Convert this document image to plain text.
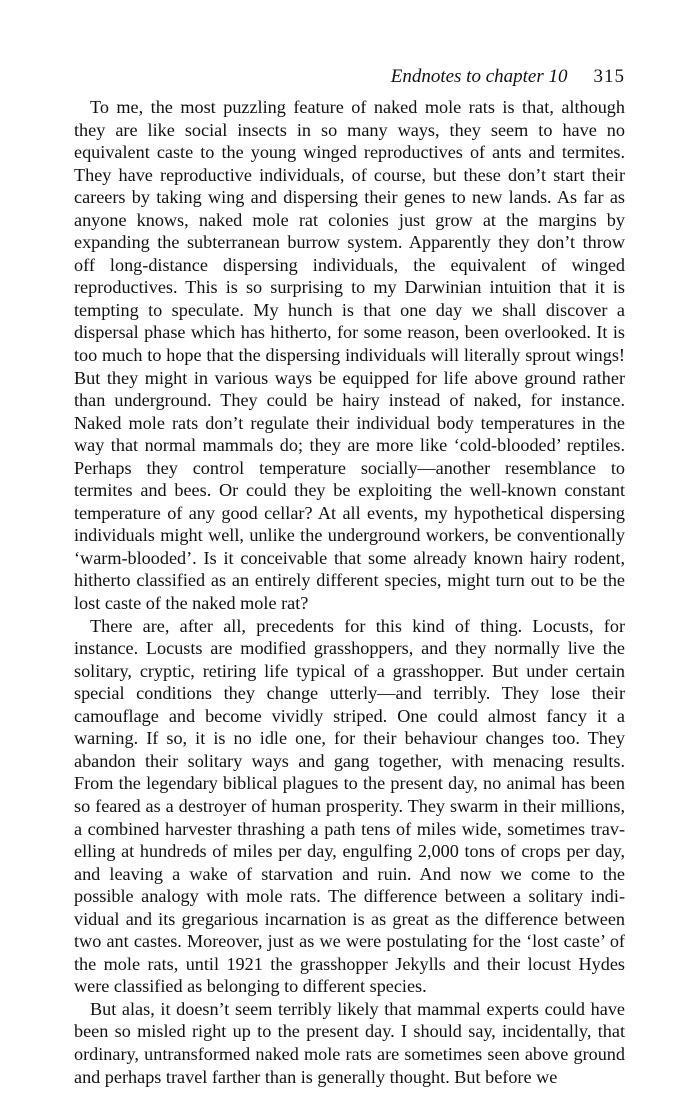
Endnotes to chapter 10 315

To me, the most puzzling feature of naked mole rats is that, although they are like social insects in so many ways, they seem to have no equivalent caste to the young winged reproductives of ants and termites. They have reproductive individuals, of course, but these don’t start their careers by taking wing and dispersing their genes to new lands. As far as anyone knows, naked mole rat colonies just grow at the margins by expanding the subterranean burrow system. Apparently they don’t throw off long-distance dispersing individuals, the equivalent of winged reproductives. This is so surprising to my Darwinian intuition that it is tempting to speculate. My hunch is that one day we shall discover a dispersal phase which has hitherto, for some reason, been overlooked. It is too much to hope that the dispersing individuals will literally sprout wings! But they might in various ways be equipped for life above ground rather than underground. They could be hairy instead of naked, for instance. Naked mole rats don’t regulate their individual body temperatures in the way that normal mammals do; they are more like ‘cold-blooded’ reptiles. Perhaps they control temperature socially—another resemblance to termites and bees. Or could they be exploiting the well-known constant temperature of any good cellar? At all events, my hypothetical dispersing individuals might well, unlike the underground workers, be conventionally ‘warm-blooded’. Is it conceivable that some already known hairy rodent, hitherto classified as an entirely different species, might turn out to be the lost caste of the naked mole rat?

There are, after all, precedents for this kind of thing. Locusts, for instance. Locusts are modified grasshoppers, and they normally live the solitary, cryptic, retiring life typical of a grasshopper. But under certain special conditions they change utterly—and terribly. They lose their camouflage and become vividly striped. One could almost fancy it a warning. If so, it is no idle one, for their behaviour changes too. They abandon their solitary ways and gang together, with menacing results. From the legendary biblical plagues to the present day, no animal has been so feared as a destroyer of human prosperity. They swarm in their millions, a combined harvester thrashing a path tens of miles wide, sometimes travelling at hundreds of miles per day, engulfing 2,000 tons of crops per day, and leaving a wake of starvation and ruin. And now we come to the possible analogy with mole rats. The difference between a solitary individual and its gregarious incarnation is as great as the difference between two ant castes. Moreover, just as we were postulating for the ‘lost caste’ of the mole rats, until 1921 the grasshopper Jekylls and their locust Hydes were classified as belonging to different species.

But alas, it doesn’t seem terribly likely that mammal experts could have been so misled right up to the present day. I should say, incidentally, that ordinary, untransformed naked mole rats are sometimes seen above ground and perhaps travel farther than is generally thought. But before we
